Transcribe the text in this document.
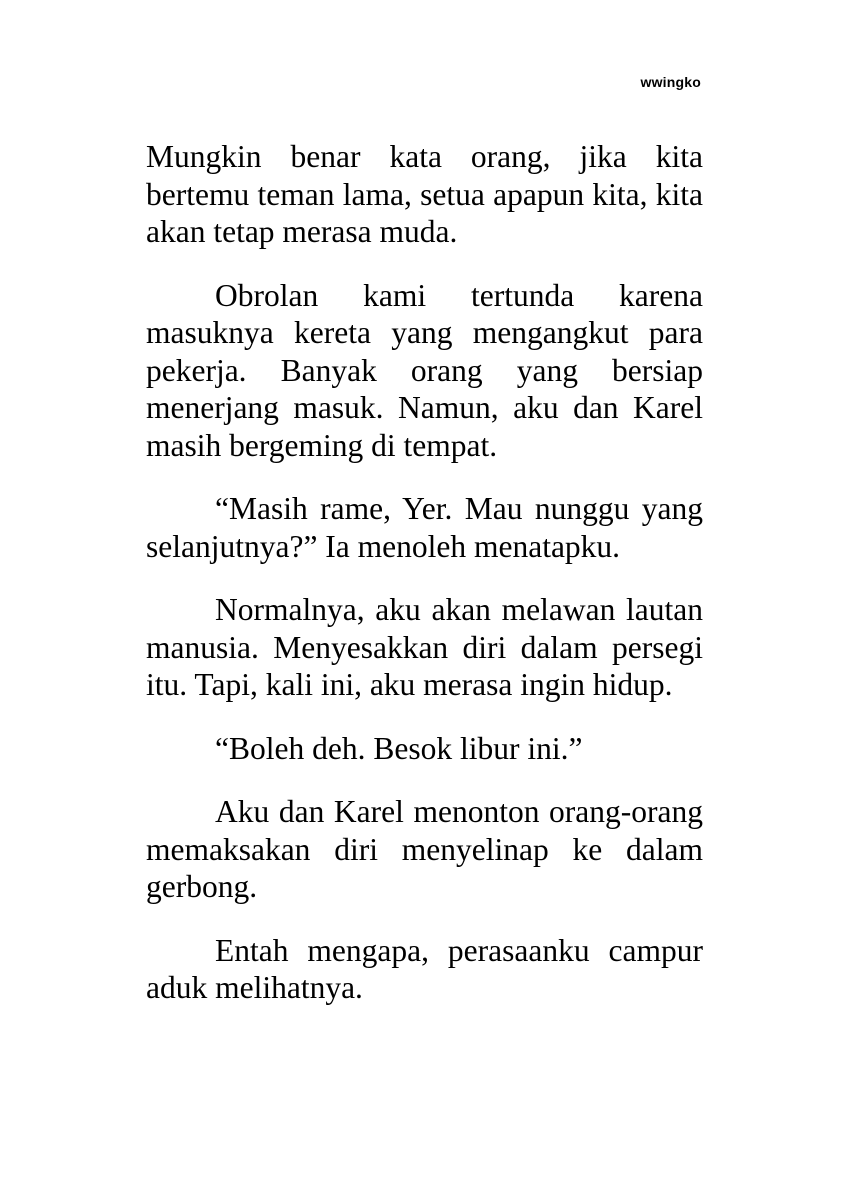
wwingko

Mungkin benar kata orang, jika kita bertemu teman lama, setua apapun kita, kita akan tetap merasa muda.

Obrolan kami tertunda karena masuknya kereta yang mengangkut para pekerja. Banyak orang yang bersiap menerjang masuk. Namun, aku dan Karel masih bergeming di tempat.

“Masih rame, Yer. Mau nunggu yang selanjutnya?” Ia menoleh menatapku.

Normalnya, aku akan melawan lautan manusia. Menyesakkan diri dalam persegi itu. Tapi, kali ini, aku merasa ingin hidup.

“Boleh deh. Besok libur ini.”

Aku dan Karel menonton orang-orang memaksakan diri menyelinap ke dalam gerbong.

Entah mengapa, perasaanku campur aduk melihatnya.
